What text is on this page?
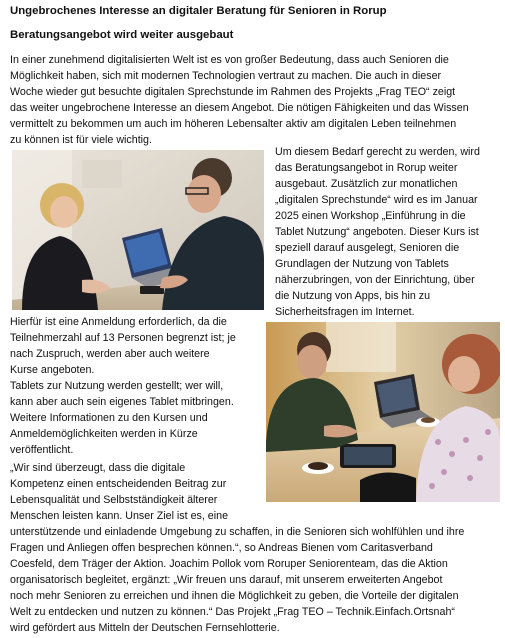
Ungebrochenes Interesse an digitaler Beratung für Senioren in Rorup
Beratungsangebot wird weiter ausgebaut
In einer zunehmend digitalisierten Welt ist es von großer Bedeutung, dass auch Senioren die
Möglichkeit haben, sich mit modernen Technologien vertraut zu machen. Die auch in dieser
Woche wieder gut besuchte digitalen Sprechstunde im Rahmen des Projekts „Frag TEO“ zeigt
das weiter ungebrochene Interesse an diesem Angebot. Die nötigen Fähigkeiten und das Wissen
vermittelt zu bekommen um auch im höheren Lebensalter aktiv am digitalen Leben teilnehmen
zu können ist für viele wichtig.
Um diesem Bedarf gerecht zu werden, wird
das Beratungsangebot in Rorup weiter
ausgebaut. Zusätzlich zur monatlichen
„digitalen Sprechstunde“ wird es im Januar
2025 einen Workshop „Einführung in die
Tablet Nutzung“ angeboten. Dieser Kurs ist
speziell darauf ausgelegt, Senioren die
Grundlagen der Nutzung von Tablets
näherzubringen, von der Einrichtung, über
die Nutzung von Apps, bis hin zu
Sicherheitsfragen im Internet.
Hierfür ist eine Anmeldung erforderlich, da die
Teilnehmerzahl auf 13 Personen begrenzt ist; je
nach Zuspruch, werden aber auch weitere
Kurse angeboten.
Tablets zur Nutzung werden gestellt; wer will,
kann aber auch sein eigenes Tablet mitbringen.
Weitere Informationen zu den Kursen und
Anmeldemöglichkeiten werden in Kürze
veröffentlicht.
„Wir sind überzeugt, dass die digitale
Kompetenz einen entscheidenden Beitrag zur
Lebensqualität und Selbstständigkeit älterer
Menschen leisten kann. Unser Ziel ist es, eine
unterstützende und einladende Umgebung zu schaffen, in die Senioren sich wohlfühlen und ihre
Fragen und Anliegen offen besprechen können.“, so Andreas Bienen vom Caritasverband
Coesfeld, dem Träger der Aktion. Joachim Pollok vom Roruper Seniorenteam, das die Aktion
organisatorisch begleitet, ergänzt: „Wir freuen uns darauf, mit unserem erweiterten Angebot
noch mehr Senioren zu erreichen und ihnen die Möglichkeit zu geben, die Vorteile der digitalen
Welt zu entdecken und nutzen zu können.“ Das Projekt „Frag TEO – Technik.Einfach.Ortsnah“
wird gefördert aus Mitteln der Deutschen Fernsehlotterie.
